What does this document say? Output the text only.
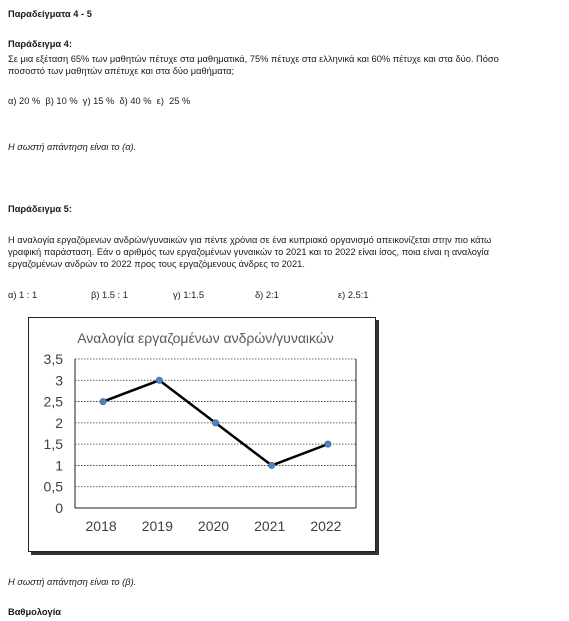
Παραδείγματα 4 - 5
Παράδειγμα 4:
Σε μια εξέταση 65% των μαθητών πέτυχε στα μαθηματικά, 75% πέτυχε στα ελληνικά και 60% πέτυχε και στα δύο. Πόσο
ποσοστό των μαθητών απέτυχε και στα δύο μαθήματα;
α) 20 %  β) 10 %  γ) 15 %  δ) 40 %  ε)  25 %
Η σωστή απάντηση είναι το (α).
Παράδειγμα 5:
Η αναλογία εργαζόμενων ανδρών/γυναικών για πέντε χρόνια σε ένα κυπριακό οργανισμό απεικονίζεται στην πιο κάτω
γραφική παράσταση. Εάν ο αριθμός των εργαζομένων γυναικών το 2021 και το 2022 είναι ίσος, ποια είναι η αναλογία
εργαζομένων ανδρών το 2022 προς τους εργαζόμενους άνδρες το 2021.
α) 1 : 1	β) 1.5 : 1	γ) 1:1.5	δ) 2:1	ε) 2.5:1
Αναλογία εργαζομένων ανδρών/γυναικών
0
0,5
1
1,5
2
2,5
3
3,5
2018 2019 2020 2021 2022
Η σωστή απάντηση είναι το (β).
Βαθμολογία
